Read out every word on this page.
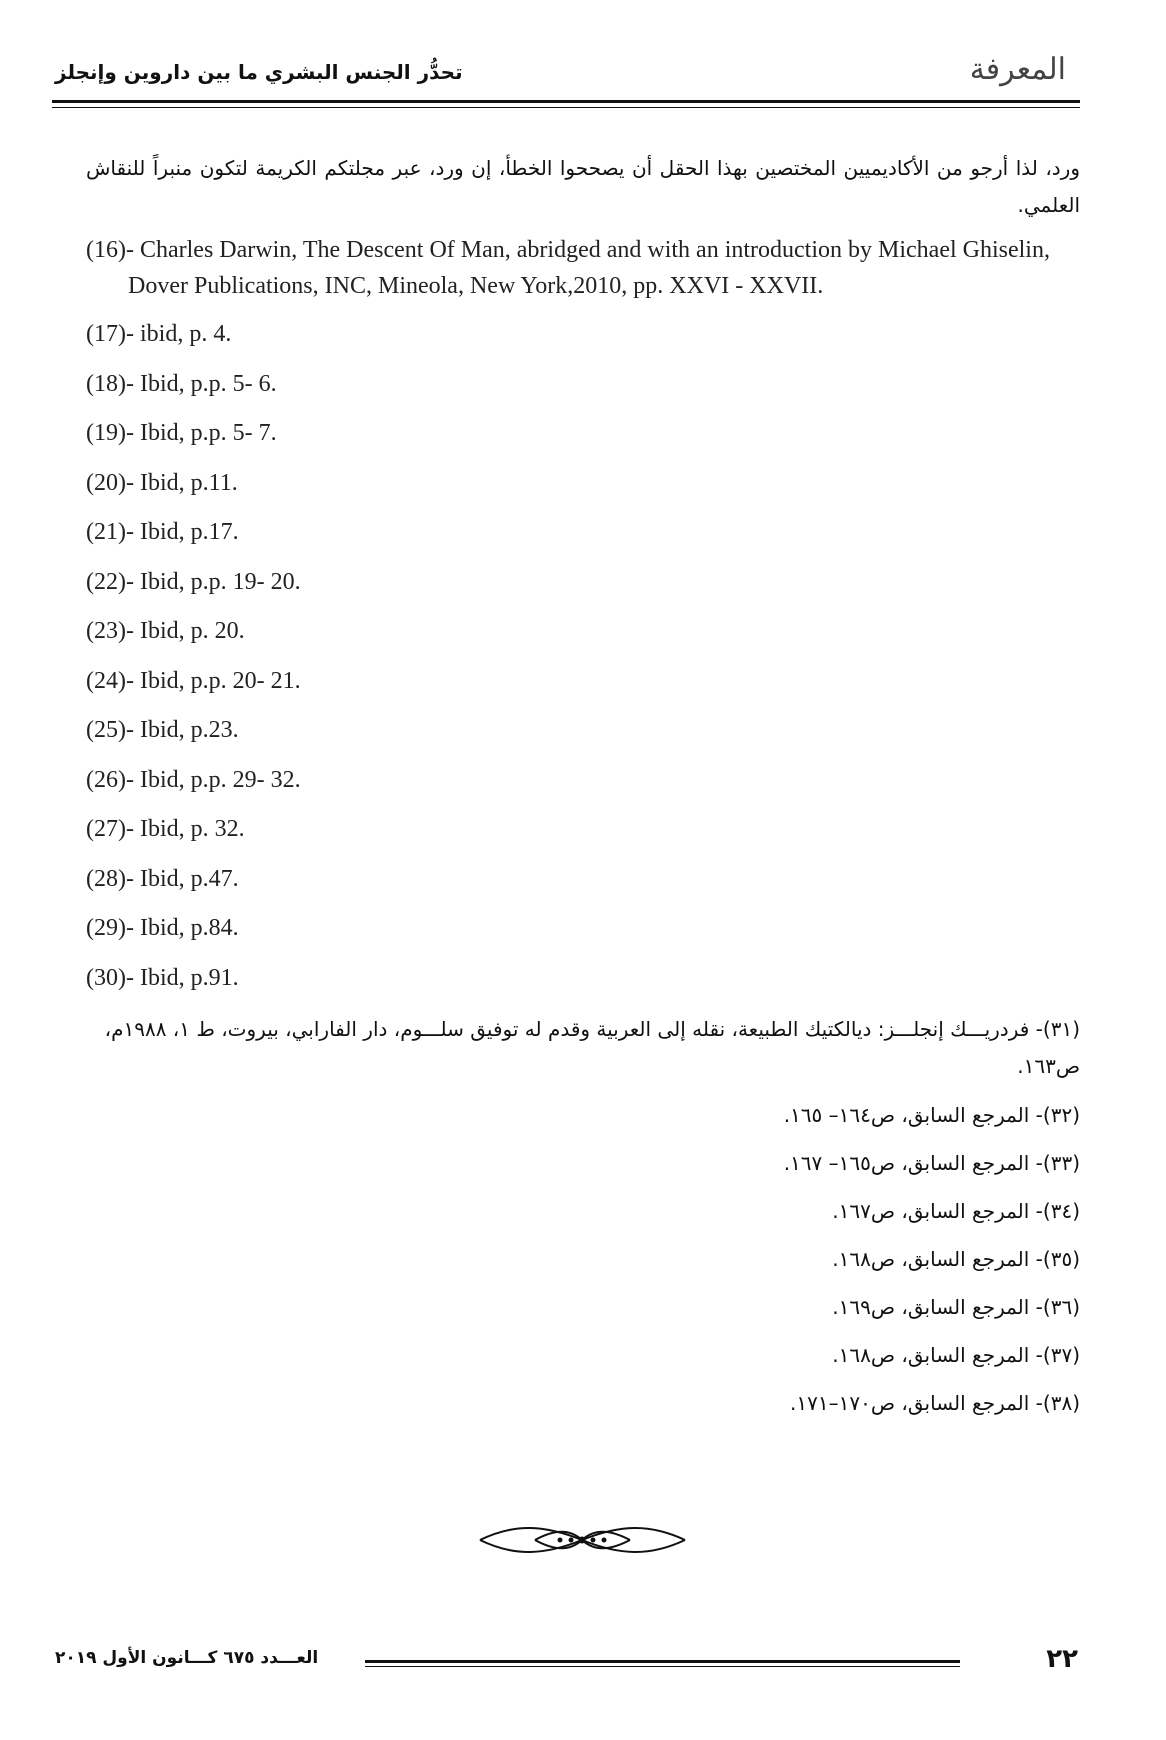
المعرفة
تحدُّر الجنس البشري ما بين داروين وإنجلز

ورد، لذا أرجو من الأكاديميين المختصين بهذا الحقل أن يصححوا الخطأ، إن ورد، عبر مجلتكم الكريمة لتكون منبراً للنقاش العلمي.

(16)- Charles Darwin, The Descent Of Man, abridged and with an introduction by Michael Ghiselin, Dover Publications, INC, Mineola, New York,2010, pp. XXVI - XXVII.

(17)- ibid, p. 4.

(18)- Ibid, p.p. 5- 6.

(19)- Ibid, p.p. 5- 7.

(20)- Ibid, p.11.

(21)- Ibid, p.17.

(22)- Ibid, p.p. 19- 20.

(23)- Ibid, p. 20.

(24)- Ibid, p.p. 20- 21.

(25)- Ibid, p.23.

(26)- Ibid, p.p. 29- 32.

(27)- Ibid, p. 32.

(28)- Ibid, p.47.

(29)- Ibid, p.84.

(30)- Ibid, p.91.

(٣١)- فردريـــك إنجلـــز: ديالكتيك الطبيعة، نقله إلى العربية وقدم له توفيق سلـــوم، دار الفارابي، بيروت، ط ١، ١٩٨٨م، ص١٦٣.

(٣٢)- المرجع السابق، ص١٦٤– ١٦٥.

(٣٣)- المرجع السابق، ص١٦٥– ١٦٧.

(٣٤)- المرجع السابق، ص١٦٧.

(٣٥)- المرجع السابق، ص١٦٨.

(٣٦)- المرجع السابق، ص١٦٩.

(٣٧)- المرجع السابق، ص١٦٨.

(٣٨)- المرجع السابق، ص١٧٠–١٧١.

٢٢
العـــدد ٦٧٥ كـــانون الأول ٢٠١٩
